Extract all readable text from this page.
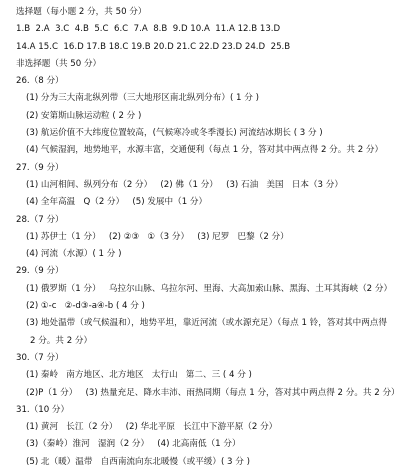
选择题（每小题 2 分，共 50 分）
1.B  2.A  3.C  4.B  5.C  6.C  7.A  8.B  9.D 10.A  11.A 12.B 13.D
14.A 15.C  16.D 17.B 18.C 19.B 20.D 21.C 22.D 23.D 24.D  25.B
非选择题（共 50 分）
26.（8 分）
(1) 分为三大南北纵列带（三大地形区南北纵列分布）( 1 分 )
(2) 安第斯山脉运动粒 ( 2 分 )
(3) 航运价值不大纬度位置较高，(气候寒冷或冬季漫长) 河流结冰期长 ( 3 分 )
(4) 气候湿润，地势地平，水源丰富，交通便利（每点 1 分，答对其中两点得 2 分。共 2 分）
27.（9 分）
(1) 山河相间、纵列分布（2 分）   (2) 佛（1 分）   (3) 石油   美国   日本（3 分）
(4) 全年高温   Q（2 分）   (5) 发展中（1 分）
28.（7 分）
(1) 苏伊士（1 分）   (2) ②③   ①（3 分）   (3) 尼罗   巴黎（2 分）
(4) 河流（水源）( 1 分 )
29.（9 分）
(1) 俄罗斯（1 分）   乌拉尔山脉、乌拉尔河、里海、大高加索山脉、黑海、土耳其海峡（2 分）
(2) ①-c   ②-d③-a④-b ( 4 分 )
(3) 地处温带（或气候温和），地势平坦，靠近河流（或水源充足）（每点 1 铃，答对其中两点得
2 分。共 2 分）
30.（7 分）
(1) 秦岭   南方地区、北方地区   太行山   第二、三 ( 4 分 )
(2)P（1 分）   (3) 热量充足、降水丰沛、雨热同期（每点 1 分，答对其中两点得 2 分。共 2 分）
31.（10 分）
(1) 黄河   长江（2 分）   (2) 华北平原   长江中下游平原（2 分）
(3)（秦岭）淮河   湿润（2 分）   (4) 北高南低（1 分）
(5) 北（暖）温带   自西南流向东北暖慢（或平缓）( 3 分 )
